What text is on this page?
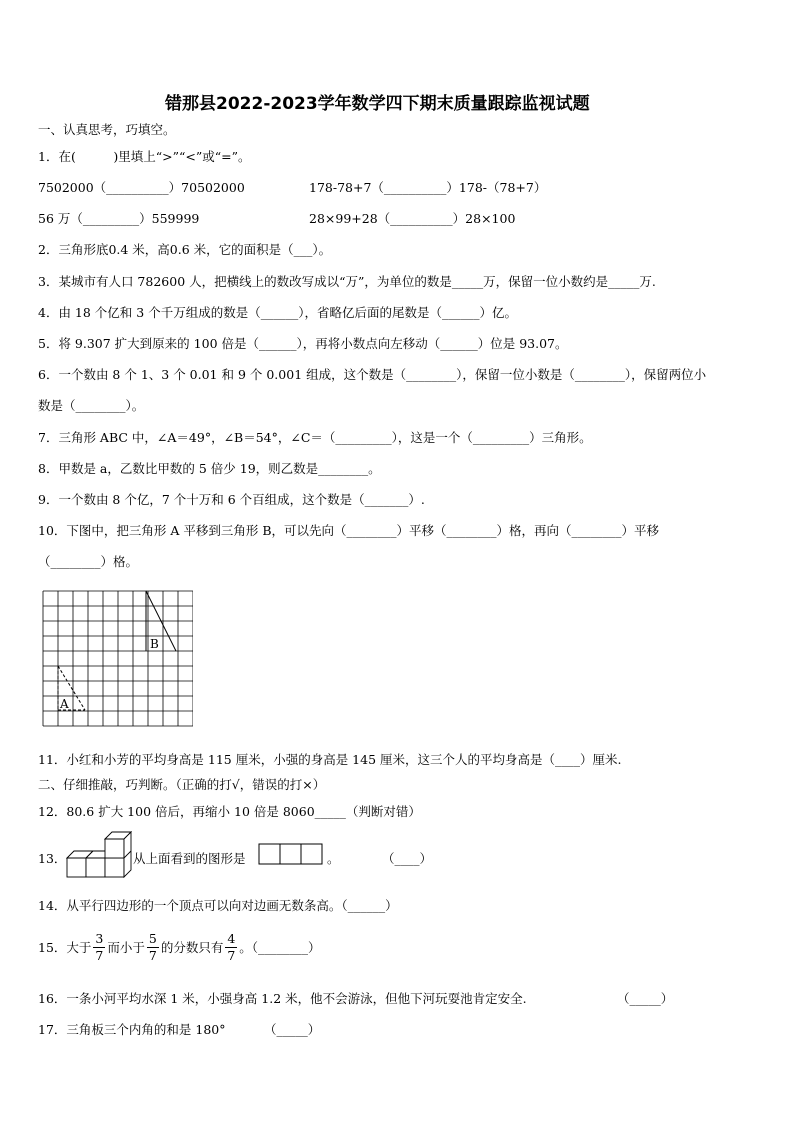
错那县2022-2023学年数学四下期末质量跟踪监视试题
一、认真思考，巧填空。
1．在(　　　)里填上“>”“<”或“=”。
7502000（__________）70502000	178-78+7（__________）178-（78+7）
56 万（_________）559999	28×99+28（__________）28×100
2．三角形底0.4 米，高0.6 米，它的面积是（___）。
3．某城市有人口 782600 人，把横线上的数改写成以“万”，为单位的数是_____万，保留一位小数约是_____万.
4．由 18 个亿和 3 个千万组成的数是（______），省略亿后面的尾数是（______）亿。
5．将 9.307 扩大到原来的 100 倍是（______），再将小数点向左移动（______）位是 93.07。
6．一个数由 8 个 1、3 个 0.01 和 9 个 0.001 组成，这个数是（________），保留一位小数是（________），保留两位小
数是（________）。
7．三角形 ABC 中，∠A＝49°，∠B＝54°，∠C＝（_________），这是一个（_________）三角形。
8．甲数是 a，乙数比甲数的 5 倍少 19，则乙数是________。
9．一个数由 8 个亿，7 个十万和 6 个百组成，这个数是（_______）.
10．下图中，把三角形 A 平移到三角形 B，可以先向（________）平移（________）格，再向（________）平移
（________）格。
B
A
11．小红和小芳的平均身高是 115 厘米，小强的身高是 145 厘米，这三个人的平均身高是（____）厘米.
二、仔细推敲，巧判断。（正确的打√，错误的打×）
12．80.6 扩大 100 倍后，再缩小 10 倍是 8060_____（判断对错）
13．	从上面看到的图形是	。	（____）
14．从平行四边形的一个顶点可以向对边画无数条高。（______）
15．大于
3
7 而小于
5
7 的分数只有
4
7 。（________）
16．一条小河平均水深 1 米，小强身高 1.2 米，他不会游泳，但他下河玩耍池肯定安全.	（_____）
17．三角板三个内角的和是 180°	（_____）
